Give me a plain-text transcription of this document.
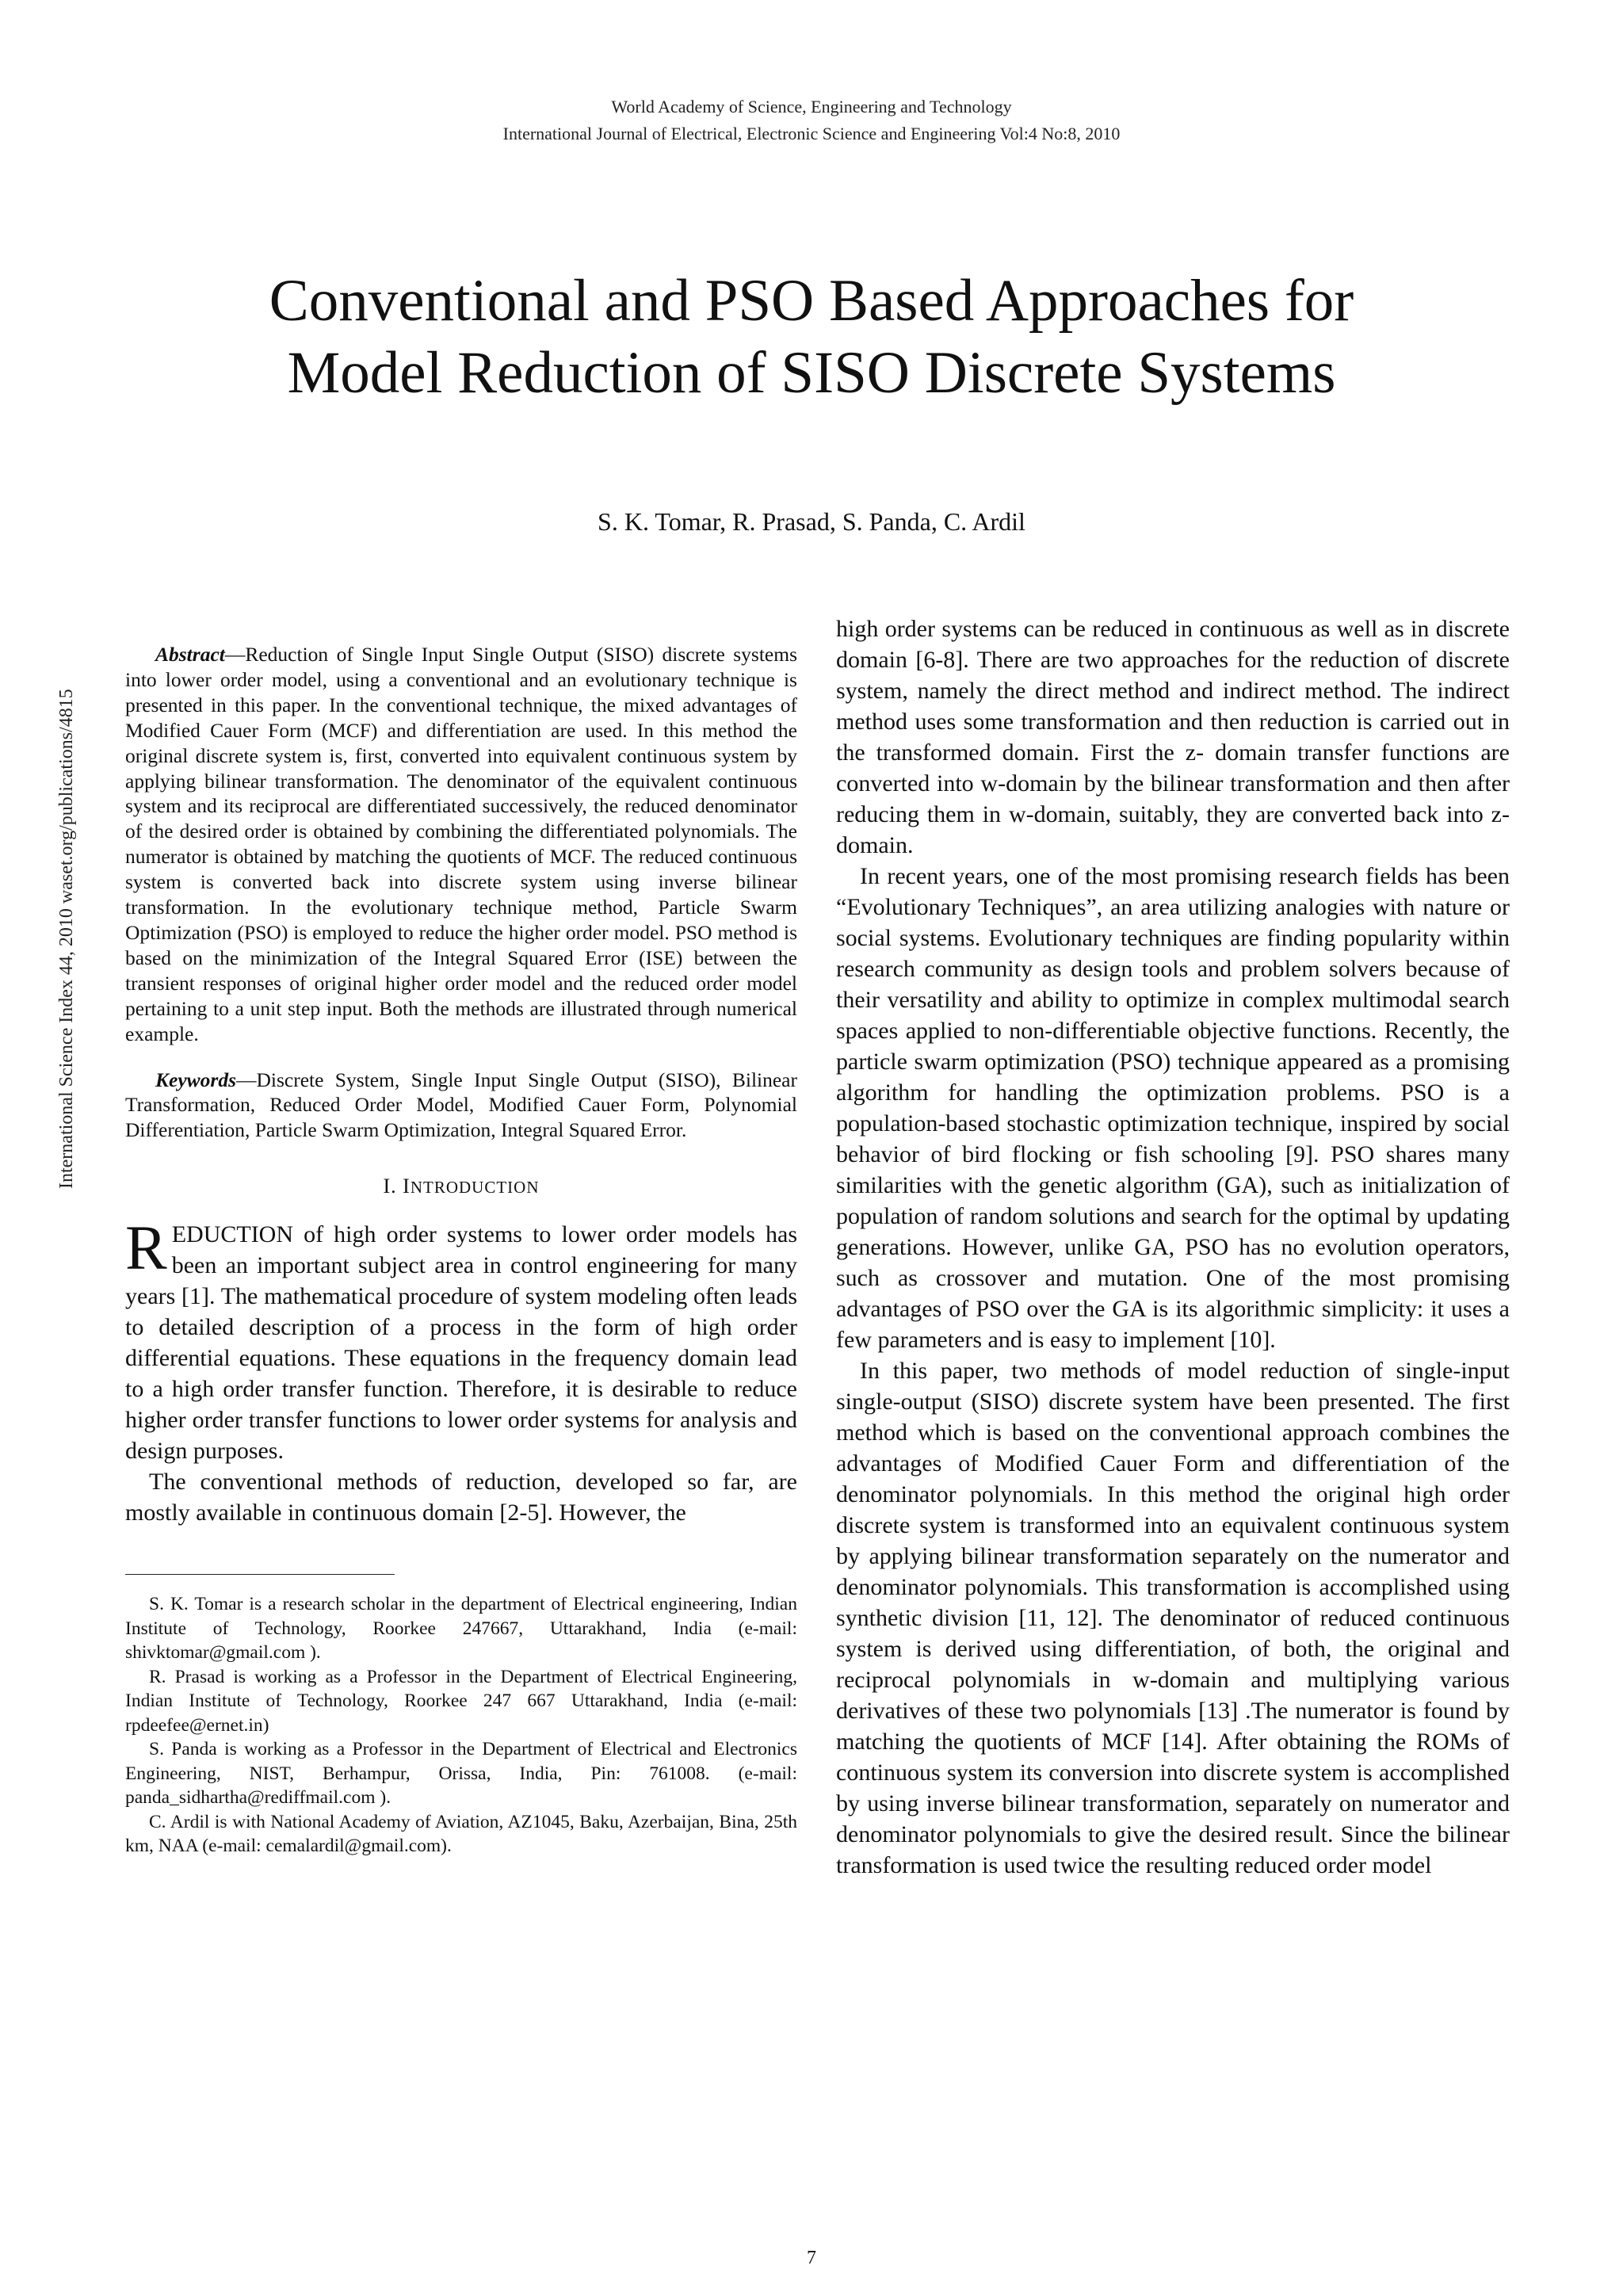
World Academy of Science, Engineering and Technology
International Journal of Electrical, Electronic Science and Engineering Vol:4 No:8, 2010
Conventional and PSO Based Approaches for
Model Reduction of SISO Discrete Systems
S. K. Tomar, R. Prasad, S. Panda, C. Ardil
International Science Index 44, 2010 waset.org/publications/4815

Abstract—Reduction of Single Input Single Output (SISO) discrete systems into lower order model, using a conventional and an evolutionary technique is presented in this paper. In the conventional technique, the mixed advantages of Modified Cauer Form (MCF) and differentiation are used. In this method the original discrete system is, first, converted into equivalent continuous system by applying bilinear transformation. The denominator of the equivalent continuous system and its reciprocal are differentiated successively, the reduced denominator of the desired order is obtained by combining the differentiated polynomials. The numerator is obtained by matching the quotients of MCF. The reduced continuous system is converted back into discrete system using inverse bilinear transformation. In the evolutionary technique method, Particle Swarm Optimization (PSO) is employed to reduce the higher order model. PSO method is based on the minimization of the Integral Squared Error (ISE) between the transient responses of original higher order model and the reduced order model pertaining to a unit step input. Both the methods are illustrated through numerical example.

Keywords—Discrete System, Single Input Single Output (SISO), Bilinear Transformation, Reduced Order Model, Modified Cauer Form, Polynomial Differentiation, Particle Swarm Optimization, Integral Squared Error.

I. INTRODUCTION

REDUCTION of high order systems to lower order models has been an important subject area in control engineering for many years [1]. The mathematical procedure of system modeling often leads to detailed description of a process in the form of high order differential equations. These equations in the frequency domain lead to a high order transfer function. Therefore, it is desirable to reduce higher order transfer functions to lower order systems for analysis and design purposes.

The conventional methods of reduction, developed so far, are mostly available in continuous domain [2-5]. However, the

S. K. Tomar is a research scholar in the department of Electrical engineering, Indian Institute of Technology, Roorkee 247667, Uttarakhand, India (e-mail: shivktomar@gmail.com ).

R. Prasad is working as a Professor in the Department of Electrical Engineering, Indian Institute of Technology, Roorkee 247 667 Uttarakhand, India (e-mail: rpdeefee@ernet.in)

S. Panda is working as a Professor in the Department of Electrical and Electronics Engineering, NIST, Berhampur, Orissa, India, Pin: 761008. (e-mail: panda_sidhartha@rediffmail.com ).

C. Ardil is with National Academy of Aviation, AZ1045, Baku, Azerbaijan, Bina, 25th km, NAA (e-mail: cemalardil@gmail.com).

high order systems can be reduced in continuous as well as in discrete domain [6-8]. There are two approaches for the reduction of discrete system, namely the direct method and indirect method. The indirect method uses some transformation and then reduction is carried out in the transformed domain. First the z- domain transfer functions are converted into w-domain by the bilinear transformation and then after reducing them in w-domain, suitably, they are converted back into z-domain.

In recent years, one of the most promising research fields has been “Evolutionary Techniques”, an area utilizing analogies with nature or social systems. Evolutionary techniques are finding popularity within research community as design tools and problem solvers because of their versatility and ability to optimize in complex multimodal search spaces applied to non-differentiable objective functions. Recently, the particle swarm optimization (PSO) technique appeared as a promising algorithm for handling the optimization problems. PSO is a population-based stochastic optimization technique, inspired by social behavior of bird flocking or fish schooling [9]. PSO shares many similarities with the genetic algorithm (GA), such as initialization of population of random solutions and search for the optimal by updating generations. However, unlike GA, PSO has no evolution operators, such as crossover and mutation. One of the most promising advantages of PSO over the GA is its algorithmic simplicity: it uses a few parameters and is easy to implement [10].

In this paper, two methods of model reduction of single-input single-output (SISO) discrete system have been presented. The first method which is based on the conventional approach combines the advantages of Modified Cauer Form and differentiation of the denominator polynomials. In this method the original high order discrete system is transformed into an equivalent continuous system by applying bilinear transformation separately on the numerator and denominator polynomials. This transformation is accomplished using synthetic division [11, 12]. The denominator of reduced continuous system is derived using differentiation, of both, the original and reciprocal polynomials in w-domain and multiplying various derivatives of these two polynomials [13] .The numerator is found by matching the quotients of MCF [14]. After obtaining the ROMs of continuous system its conversion into discrete system is accomplished by using inverse bilinear transformation, separately on numerator and denominator polynomials to give the desired result. Since the bilinear transformation is used twice the resulting reduced order model

7
